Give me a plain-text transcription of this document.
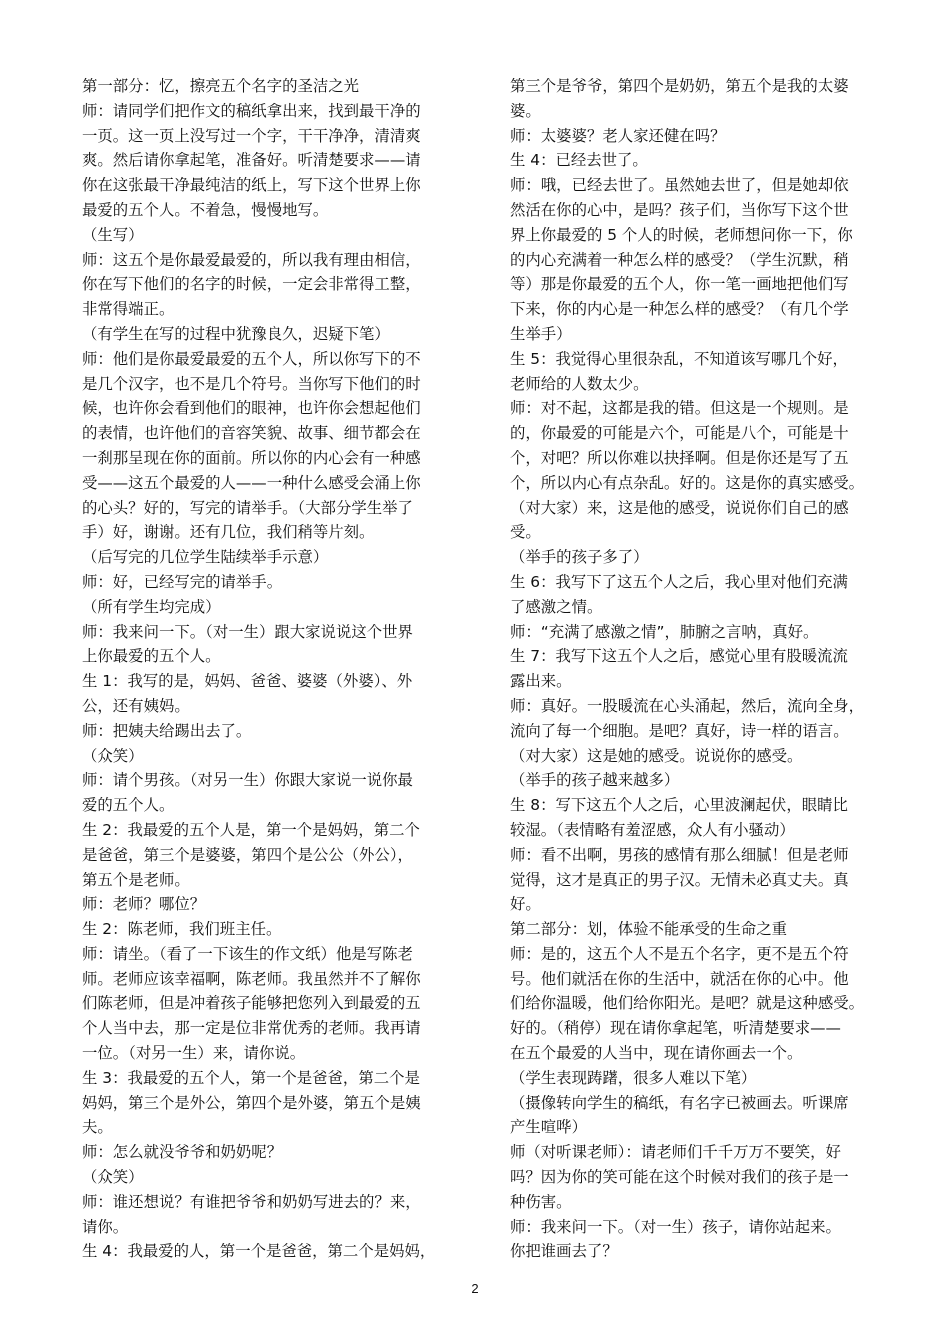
第一部分：忆，擦亮五个名字的圣洁之光
师：请同学们把作文的稿纸拿出来，找到最干净的
一页。这一页上没写过一个字，干干净净，清清爽
爽。然后请你拿起笔，准备好。听清楚要求——请
你在这张最干净最纯洁的纸上，写下这个世界上你
最爱的五个人。不着急，慢慢地写。
（生写）
师：这五个是你最爱最爱的，所以我有理由相信，
你在写下他们的名字的时候，一定会非常得工整，
非常得端正。
（有学生在写的过程中犹豫良久，迟疑下笔）
师：他们是你最爱最爱的五个人，所以你写下的不
是几个汉字，也不是几个符号。当你写下他们的时
候，也许你会看到他们的眼神，也许你会想起他们
的表情，也许他们的音容笑貌、故事、细节都会在
一刹那呈现在你的面前。所以你的内心会有一种感
受——这五个最爱的人——一种什么感受会涌上你
的心头？好的，写完的请举手。（大部分学生举了
手）好，谢谢。还有几位，我们稍等片刻。
（后写完的几位学生陆续举手示意）
师：好，已经写完的请举手。
（所有学生均完成）
师：我来问一下。（对一生）跟大家说说这个世界
上你最爱的五个人。
生 1：我写的是，妈妈、爸爸、婆婆（外婆）、外
公，还有姨妈。
师：把姨夫给踢出去了。
（众笑）
师：请个男孩。（对另一生）你跟大家说一说你最
爱的五个人。
生 2：我最爱的五个人是，第一个是妈妈，第二个
是爸爸，第三个是婆婆，第四个是公公（外公），
第五个是老师。
师：老师？哪位？
生 2：陈老师，我们班主任。
师：请坐。（看了一下该生的作文纸）他是写陈老
师。老师应该幸福啊，陈老师。我虽然并不了解你
们陈老师，但是冲着孩子能够把您列入到最爱的五
个人当中去，那一定是位非常优秀的老师。我再请
一位。（对另一生）来，请你说。
生 3：我最爱的五个人，第一个是爸爸，第二个是
妈妈，第三个是外公，第四个是外婆，第五个是姨
夫。
师：怎么就没爷爷和奶奶呢？
（众笑）
师：谁还想说？有谁把爷爷和奶奶写进去的？来，
请你。
生 4：我最爱的人，第一个是爸爸，第二个是妈妈，
第三个是爷爷，第四个是奶奶，第五个是我的太婆
婆。
师：太婆婆？老人家还健在吗？
生 4：已经去世了。
师：哦，已经去世了。虽然她去世了，但是她却依
然活在你的心中，是吗？孩子们，当你写下这个世
界上你最爱的 5 个人的时候，老师想问你一下，你
的内心充满着一种怎么样的感受？（学生沉默，稍
等）那是你最爱的五个人，你一笔一画地把他们写
下来，你的内心是一种怎么样的感受？（有几个学
生举手）
生 5：我觉得心里很杂乱，不知道该写哪几个好，
老师给的人数太少。
师：对不起，这都是我的错。但这是一个规则。是
的，你最爱的可能是六个，可能是八个，可能是十
个，对吧？所以你难以抉择啊。但是你还是写了五
个，所以内心有点杂乱。好的。这是你的真实感受。
（对大家）来，这是他的感受，说说你们自己的感
受。
（举手的孩子多了）
生 6：我写下了这五个人之后，我心里对他们充满
了感激之情。
师：“充满了感激之情”，肺腑之言呐，真好。
生 7：我写下这五个人之后，感觉心里有股暖流流
露出来。
师：真好。一股暖流在心头涌起，然后，流向全身，
流向了每一个细胞。是吧？真好，诗一样的语言。
（对大家）这是她的感受。说说你的感受。
（举手的孩子越来越多）
生 8：写下这五个人之后，心里波澜起伏，眼睛比
较湿。（表情略有羞涩感，众人有小骚动）
师：看不出啊，男孩的感情有那么细腻！但是老师
觉得，这才是真正的男子汉。无情未必真丈夫。真
好。
第二部分：划，体验不能承受的生命之重
师：是的，这五个人不是五个名字，更不是五个符
号。他们就活在你的生活中，就活在你的心中。他
们给你温暖，他们给你阳光。是吧？就是这种感受。
好的。（稍停）现在请你拿起笔，听清楚要求——
在五个最爱的人当中，现在请你画去一个。
（学生表现踌躇，很多人难以下笔）
（摄像转向学生的稿纸，有名字已被画去。听课席
产生喧哗）
师（对听课老师）：请老师们千千万万不要笑，好
吗？因为你的笑可能在这个时候对我们的孩子是一
种伤害。
师：我来问一下。（对一生）孩子，请你站起来。
你把谁画去了？
2
